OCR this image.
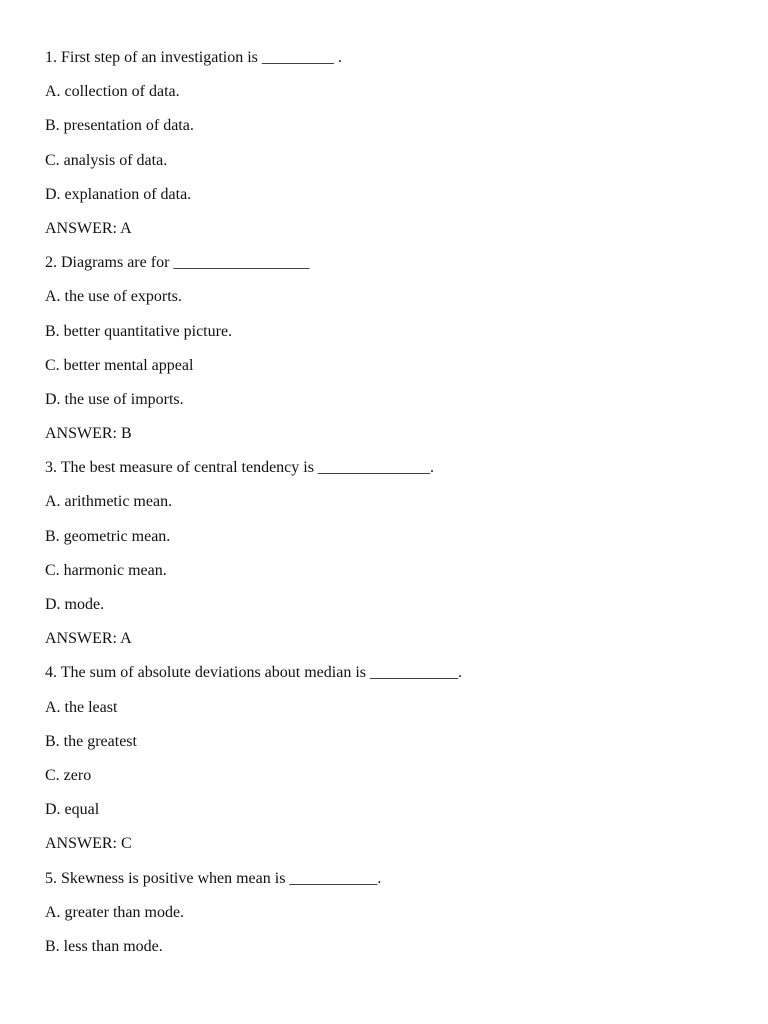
1. First step of an investigation is _________ .
A. collection of data.
B. presentation of data.
C. analysis of data.
D. explanation of data.
ANSWER: A
2. Diagrams are for _________________
A. the use of exports.
B. better quantitative picture.
C. better mental appeal
D. the use of imports.
ANSWER: B
3. The best measure of central tendency is ______________.
A. arithmetic mean.
B. geometric mean.
C. harmonic mean.
D. mode.
ANSWER: A
4. The sum of absolute deviations about median is ___________.
A. the least
B. the greatest
C. zero
D. equal
ANSWER: C
5. Skewness is positive when mean is ___________.
A. greater than mode.
B. less than mode.
